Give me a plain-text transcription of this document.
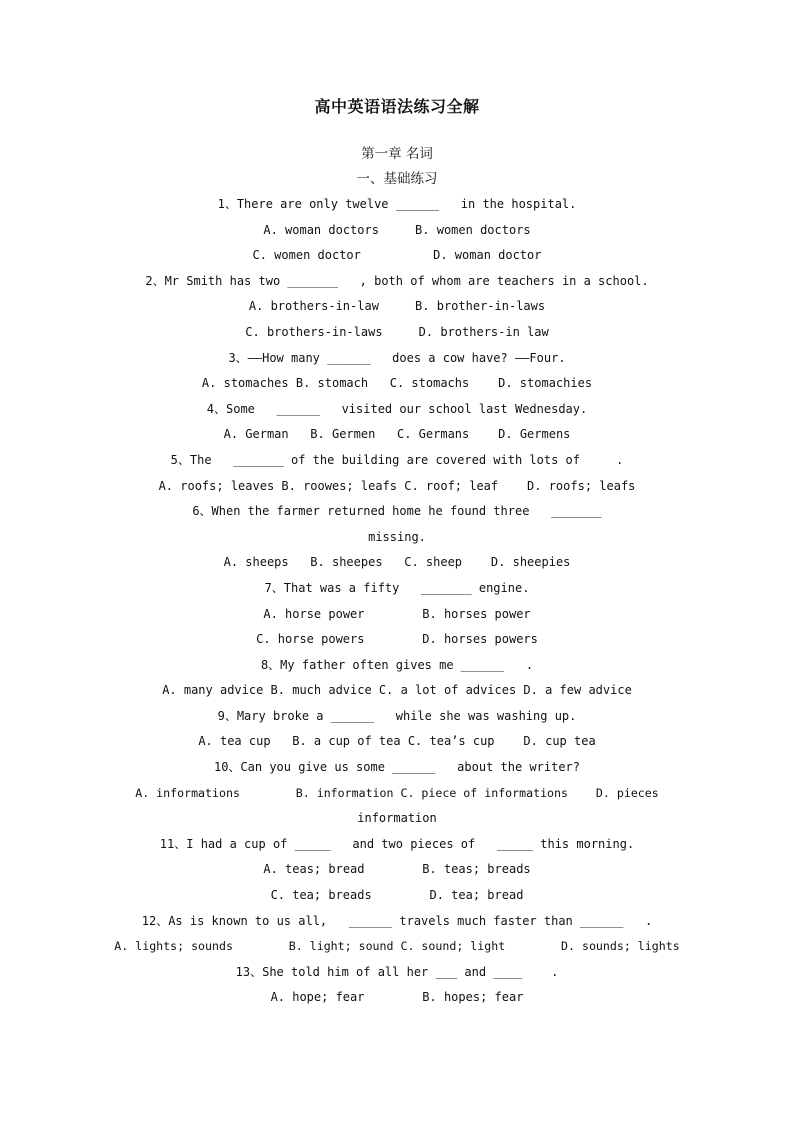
高中英语语法练习全解
第一章 名词
一、基础练习
1、There are only twelve ______   in the hospital.
A. woman doctors     B. women doctors
C. women doctor          D. woman doctor
2、Mr Smith has two _______   , both of whom are teachers in a school.
A. brothers-in-law     B. brother-in-laws
C. brothers-in-laws     D. brothers-in law
3、——How many ______   does a cow have? ——Four.
A. stomaches B. stomach   C. stomachs    D. stomachies
4、Some   ______   visited our school last Wednesday.
A. German   B. Germen   C. Germans    D. Germens
5、The   _______ of the building are covered with lots of     .
A. roofs; leaves B. roowes; leafs C. roof; leaf    D. roofs; leafs
6、When the farmer returned home he found three   _______
missing.
A. sheeps   B. sheepes   C. sheep    D. sheepies
7、That was a fifty   _______ engine.
A. horse power        B. horses power
C. horse powers        D. horses powers
8、My father often gives me ______   .
A. many advice B. much advice C. a lot of advices D. a few advice
9、Mary broke a ______   while she was washing up.
A. tea cup   B. a cup of tea C. tea’s cup    D. cup tea
10、Can you give us some ______   about the writer?
A. informations        B. information C. piece of informations    D. pieces
information
11、I had a cup of _____   and two pieces of   _____ this morning.
A. teas; bread        B. teas; breads
C. tea; breads        D. tea; bread
12、As is known to us all,   ______ travels much faster than ______   .
A. lights; sounds        B. light; sound C. sound; light        D. sounds; lights
13、She told him of all her ___ and ____    .
A. hope; fear        B. hopes; fear
